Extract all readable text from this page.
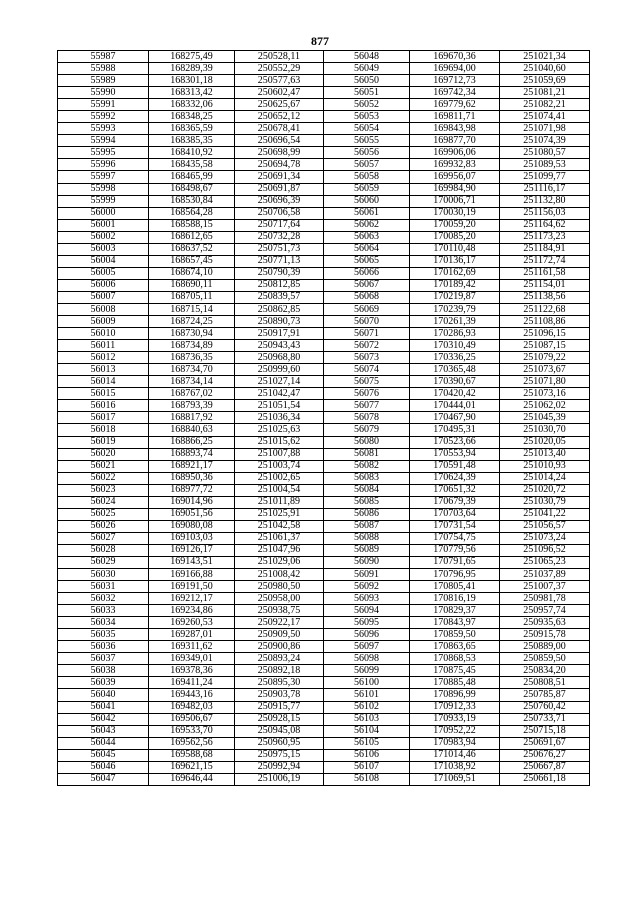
877
55987	168275,49	250528,11	56048	169670,36	251021,34
55988	168289,39	250552,29	56049	169694,00	251040,60
55989	168301,18	250577,63	56050	169712,73	251059,69
55990	168313,42	250602,47	56051	169742,34	251081,21
55991	168332,06	250625,67	56052	169779,62	251082,21
55992	168348,25	250652,12	56053	169811,71	251074,41
55993	168365,59	250678,41	56054	169843,98	251071,98
55994	168385,35	250696,54	56055	169877,70	251074,39
55995	168410,92	250698,99	56056	169906,06	251080,57
55996	168435,58	250694,78	56057	169932,83	251089,53
55997	168465,99	250691,34	56058	169956,07	251099,77
55998	168498,67	250691,87	56059	169984,90	251116,17
55999	168530,84	250696,39	56060	170006,71	251132,80
56000	168564,28	250706,58	56061	170030,19	251156,03
56001	168588,15	250717,64	56062	170059,20	251164,62
56002	168612,65	250732,28	56063	170085,20	251173,23
56003	168637,52	250751,73	56064	170110,48	251184,91
56004	168657,45	250771,13	56065	170136,17	251172,74
56005	168674,10	250790,39	56066	170162,69	251161,58
56006	168690,11	250812,85	56067	170189,42	251154,01
56007	168705,11	250839,57	56068	170219,87	251138,56
56008	168715,14	250862,85	56069	170239,79	251122,68
56009	168724,25	250890,73	56070	170261,39	251108,86
56010	168730,94	250917,91	56071	170286,93	251096,15
56011	168734,89	250943,43	56072	170310,49	251087,15
56012	168736,35	250968,80	56073	170336,25	251079,22
56013	168734,70	250999,60	56074	170365,48	251073,67
56014	168734,14	251027,14	56075	170390,67	251071,80
56015	168767,02	251042,47	56076	170420,42	251073,16
56016	168793,39	251051,54	56077	170444,01	251062,02
56017	168817,92	251036,34	56078	170467,90	251045,39
56018	168840,63	251025,63	56079	170495,31	251030,70
56019	168866,25	251015,62	56080	170523,66	251020,05
56020	168893,74	251007,88	56081	170553,94	251013,40
56021	168921,17	251003,74	56082	170591,48	251010,93
56022	168950,36	251002,65	56083	170624,39	251014,24
56023	168977,72	251004,54	56084	170651,32	251020,72
56024	169014,96	251011,89	56085	170679,39	251030,79
56025	169051,56	251025,91	56086	170703,64	251041,22
56026	169080,08	251042,58	56087	170731,54	251056,57
56027	169103,03	251061,37	56088	170754,75	251073,24
56028	169126,17	251047,96	56089	170779,56	251096,52
56029	169143,51	251029,06	56090	170791,65	251065,23
56030	169166,88	251008,42	56091	170796,95	251037,89
56031	169191,50	250980,50	56092	170805,41	251007,37
56032	169212,17	250958,00	56093	170816,19	250981,78
56033	169234,86	250938,75	56094	170829,37	250957,74
56034	169260,53	250922,17	56095	170843,97	250935,63
56035	169287,01	250909,50	56096	170859,50	250915,78
56036	169311,62	250900,86	56097	170863,65	250889,00
56037	169349,01	250893,24	56098	170868,53	250859,50
56038	169378,36	250892,18	56099	170875,45	250834,20
56039	169411,24	250895,30	56100	170885,48	250808,51
56040	169443,16	250903,78	56101	170896,99	250785,87
56041	169482,03	250915,77	56102	170912,33	250760,42
56042	169506,67	250928,15	56103	170933,19	250733,71
56043	169533,70	250945,08	56104	170952,22	250715,18
56044	169562,56	250960,95	56105	170983,94	250691,67
56045	169588,68	250975,15	56106	171014,46	250676,27
56046	169621,15	250992,94	56107	171038,92	250667,87
56047	169646,44	251006,19	56108	171069,51	250661,18
